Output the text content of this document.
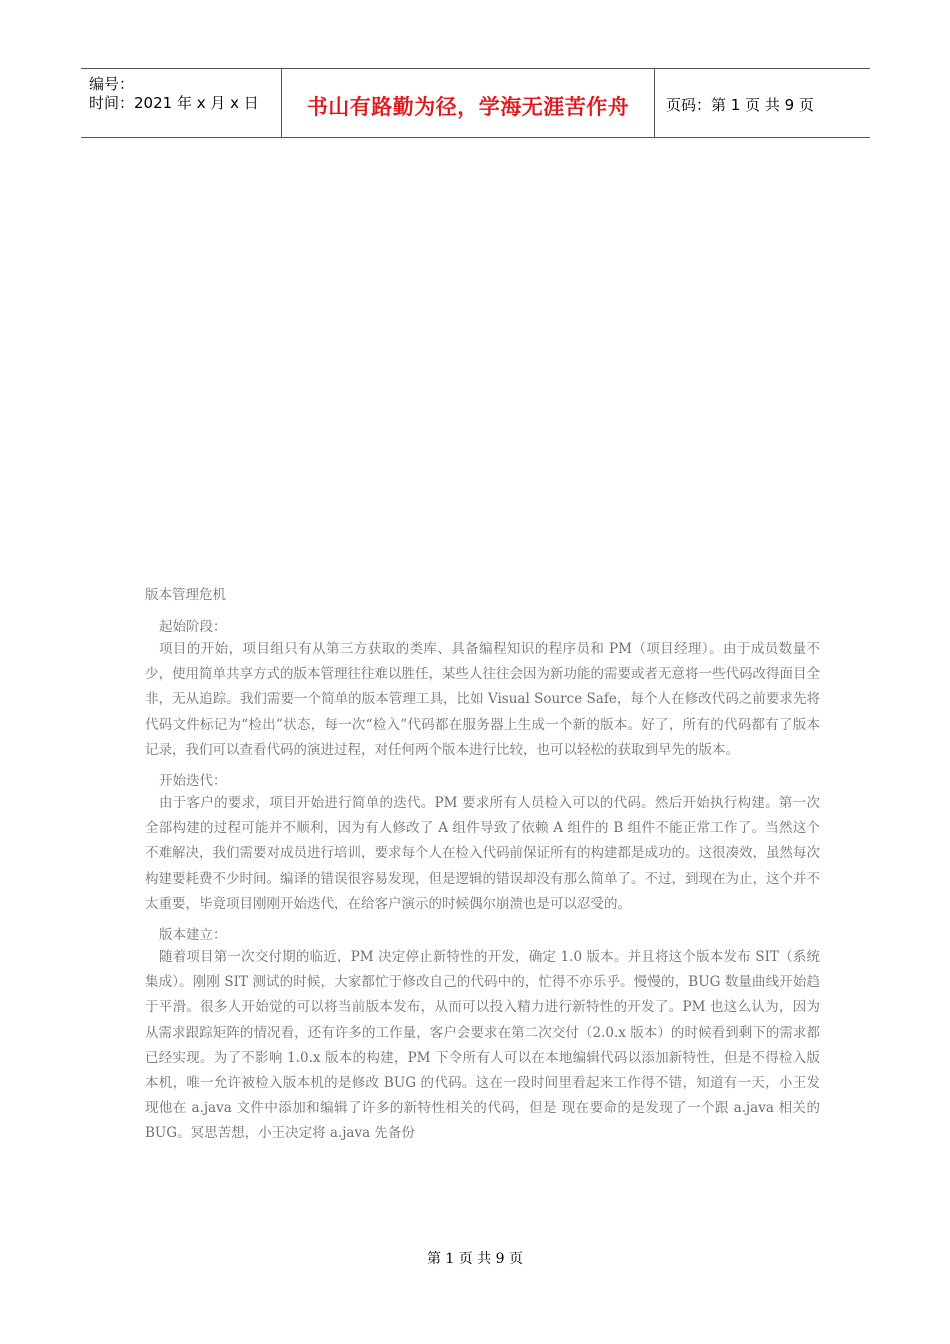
编号：
时间：2021 年 x 月 x 日	书山有路勤为径，学海无涯苦作舟	页码：第 1 页 共 9 页
版本管理危机
起始阶段：

项目的开始，项目组只有从第三方获取的类库、具备编程知识的程序员和 PM（项目经理）。由于成员数量不少，使用简单共享方式的版本管理往往难以胜任，某些人往往会因为新功能的需要或者无意将一些代码改得面目全非，无从追踪。我们需要一个简单的版本管理工具，比如 Visual Source Safe，每个人在修改代码之前要求先将代码文件标记为“检出”状态，每一次“检入”代码都在服务器上生成一个新的版本。好了，所有的代码都有了版本记录，我们可以查看代码的演进过程，对任何两个版本进行比较，也可以轻松的获取到早先的版本。

开始迭代：

由于客户的要求，项目开始进行简单的迭代。PM 要求所有人员检入可以的代码。然后开始执行构建。第一次全部构建的过程可能并不顺利，因为有人修改了 A 组件导致了依赖 A 组件的 B 组件不能正常工作了。当然这个不难解决，我们需要对成员进行培训，要求每个人在检入代码前保证所有的构建都是成功的。这很凑效，虽然每次构建要耗费不少时间。编译的错误很容易发现，但是逻辑的错误却没有那么简单了。不过，到现在为止，这个并不太重要，毕竟项目刚刚开始迭代，在给客户演示的时候偶尔崩溃也是可以忍受的。

版本建立：

随着项目第一次交付期的临近，PM 决定停止新特性的开发，确定 1.0 版本。并且将这个版本发布 SIT（系统集成）。刚刚 SIT 测试的时候，大家都忙于修改自己的代码中的，忙得不亦乐乎。慢慢的，BUG 数量曲线开始趋于平滑。很多人开始觉的可以将当前版本发布，从而可以投入精力进行新特性的开发了。PM 也这么认为，因为从需求跟踪矩阵的情况看，还有许多的工作量，客户会要求在第二次交付（2.0.x 版本）的时候看到剩下的需求都已经实现。为了不影响 1.0.x 版本的构建，PM 下令所有人可以在本地编辑代码以添加新特性，但是不得检入版本机，唯一允许被检入版本机的是修改 BUG 的代码。这在一段时间里看起来工作得不错，知道有一天，小王发现他在 a.java 文件中添加和编辑了许多的新特性相关的代码，但是 现在要命的是发现了一个跟 a.java 相关的 BUG。冥思苦想，小王决定将 a.java 先备份

第 1 页 共 9 页
